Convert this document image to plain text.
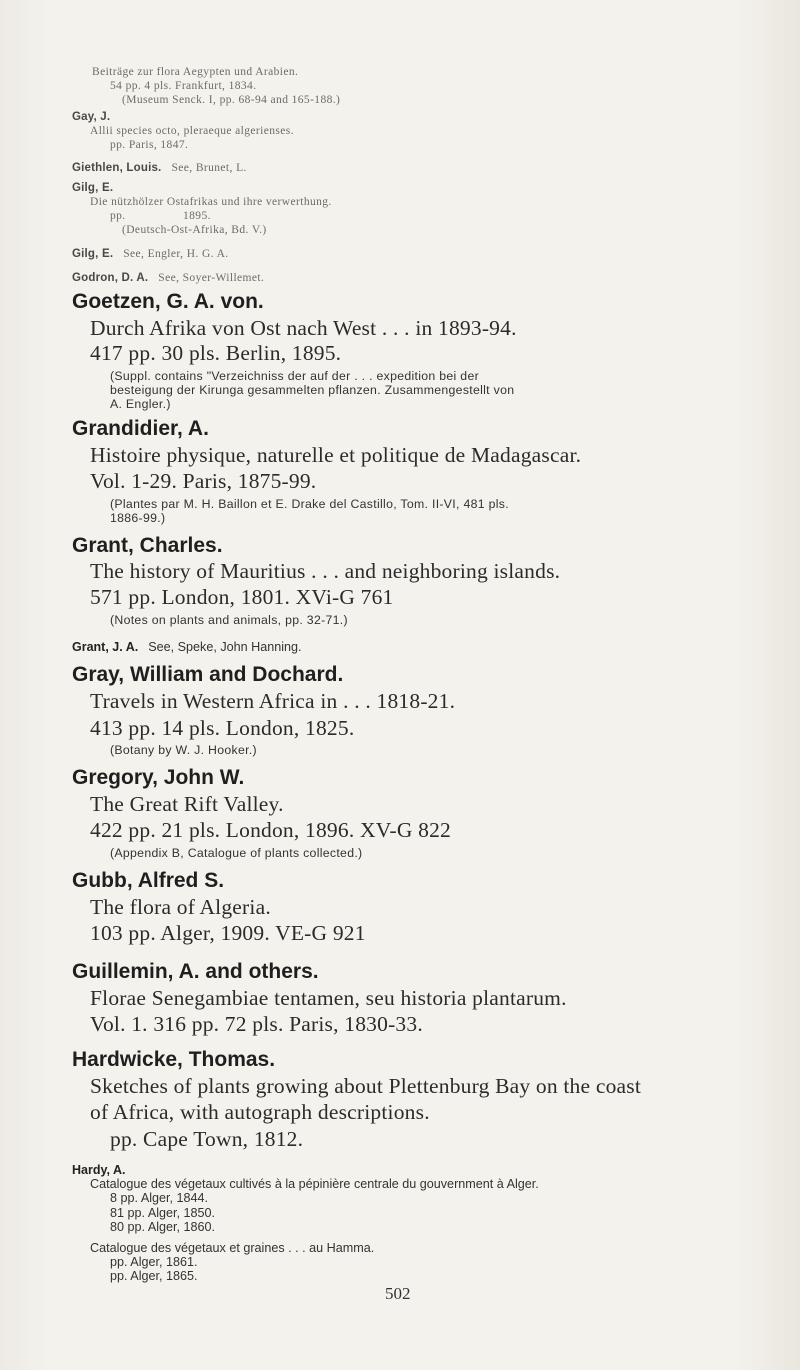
Beiträge zur flora Aegypten und Arabien.
54 pp. 4 pls. Frankfurt, 1834.
(Museum Senck. I, pp. 68-94 and 165-188.)
Gay, J.
Allii species octo, pleraeque algerienses.
pp. Paris, 1847.
Giethlen, Louis. See, Brunet, L.
Gilg, E.
Die nützhölzer Ostafrikas und ihre verwerthung.
pp.	1895.
(Deutsch-Ost-Afrika, Bd. V.)
Gilg, E. See, Engler, H. G. A.
Godron, D. A. See, Soyer-Willemet.
Goetzen, G. A. von.
Durch Afrika von Ost nach West . . . in 1893-94.
417 pp. 30 pls. Berlin, 1895.
(Suppl. contains "Verzeichniss der auf der . . . expedition bei der
besteigung der Kirunga gesammelten pflanzen. Zusammengestellt von
A. Engler.)
Grandidier, A.
Histoire physique, naturelle et politique de Madagascar.
Vol. 1-29. Paris, 1875-99.
(Plantes par M. H. Baillon et E. Drake del Castillo, Tom. II-VI, 481 pls.
1886-99.)
Grant, Charles.
The history of Mauritius . . . and neighboring islands.
571 pp. London, 1801. XVi-G 761
(Notes on plants and animals, pp. 32-71.)
Grant, J. A. See, Speke, John Hanning.
Gray, William and Dochard.
Travels in Western Africa in . . . 1818-21.
413 pp. 14 pls. London, 1825.
(Botany by W. J. Hooker.)
Gregory, John W.
The Great Rift Valley.
422 pp. 21 pls. London, 1896. XV-G 822
(Appendix B, Catalogue of plants collected.)
Gubb, Alfred S.
The flora of Algeria.
103 pp. Alger, 1909. VE-G 921
Guillemin, A. and others.
Florae Senegambiae tentamen, seu historia plantarum.
Vol. 1. 316 pp. 72 pls. Paris, 1830-33.
Hardwicke, Thomas.
Sketches of plants growing about Plettenburg Bay on the coast
of Africa, with autograph descriptions.
pp. Cape Town, 1812.
Hardy, A.
Catalogue des végetaux cultivés à la pépinière centrale du gouvernment à Alger.
8 pp. Alger, 1844.
81 pp. Alger, 1850.
80 pp. Alger, 1860.
Catalogue des végetaux et graines . . . au Hamma.
pp. Alger, 1861.
pp. Alger, 1865.
502
